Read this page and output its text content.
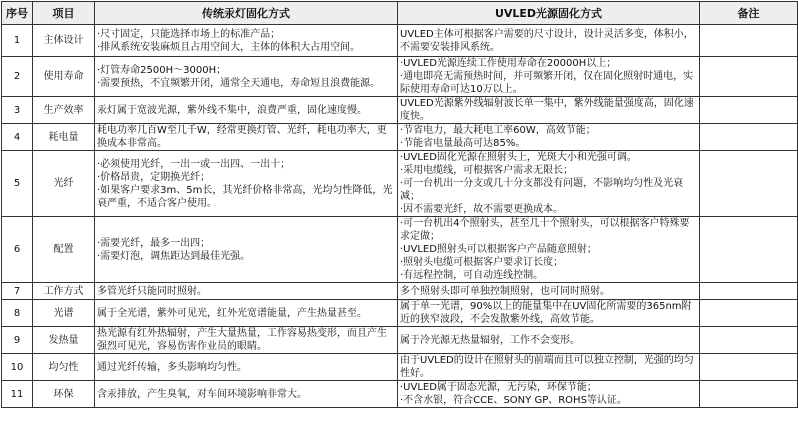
序号	项目	传统汞灯固化方式	UVLED光源固化方式	备注
1	主体设计	·尺寸固定，只能选择市场上的标准产品；
·排风系统安装麻烦且占用空间大，主体的体积大占用空间。	UVLED主体可根据客户需要的尺寸设计，设计灵活多变，体积小，不需要安装排风系统。	

2	使用寿命	·灯管寿命2500H～3000H；
·需要预热，不宜频繁开闭，通常全天通电，寿命短且浪费能源。	·UVLED光源连续工作使用寿命在20000H以上；
·通电即亮无需预热时间，并可频繁开闭，仅在固化照射时通电，实际使用寿命可达10万以上。	

3	生产效率	汞灯属于宽波光源，紫外线不集中，浪费严重，固化速度慢。	UVLED光源紫外线辐射波长单一集中，紫外线能量强度高，固化速度快。	

4	耗电量	耗电功率几百W至几千W，经常更换灯管、光纤，耗电功率大，更换成本非常高。	·节省电力，最大耗电工率60W，高效节能；
·节能省电量最高可达85%。	

5	光纤	·必须使用光纤，一出一或一出四、一出十；
·价格昂贵，定期换光纤；
·如果客户要求3m、5m长，其光纤价格非常高，光均匀性降低，光衰严重，不适合客户使用。	·UVLED固化光源在照射头上，光斑大小和光强可调。
·采用电缆线，可根据客户需求无限长；
·可一台机出一分支或几十分支都没有问题，不影响均匀性及光衰减；
·因不需要光纤，故不需要更换成本。	

6	配置	·需要光纤，最多一出四；
·需要灯泡，调焦距达到最佳光强。	·可一台机出4个照射头，甚至几十个照射头，可以根据客户特殊要求定做；
·UVLED照射头可以根据客户产品随意照射；
·照射头电缆可根据客户要求订长度；
·有远程控制，可自动连线控制。	

7	工作方式	多管光纤只能同时照射。	多个照射头即可单独控制照射，也可同时照射。	

8	光谱	属于全光谱，紫外可见光，红外光宽谱能量，产生热量甚至。	属于单一光谱，90%以上的能量集中在UV固化所需要的365nm附近的狭窄波段，不会发散紫外线，高效节能。	

9	发热量	热光源有红外热辐射，产生大量热量，工作容易热变形，而且产生强烈可见光，容易伤害作业员的眼睛。	属于冷光源无热量辐射，工作不会变形。	

10	均匀性	通过光纤传输，多头影响均匀性。	由于UVLED的设计在照射头的前端而且可以独立控制，光强的均匀性好。	

11	环保	含汞排放，产生臭氧，对车间环境影响非常大。	·UVLED属于固态光源，无污染，环保节能；
·不含水银，符合CCE、SONY GP、ROHS等认证。	
